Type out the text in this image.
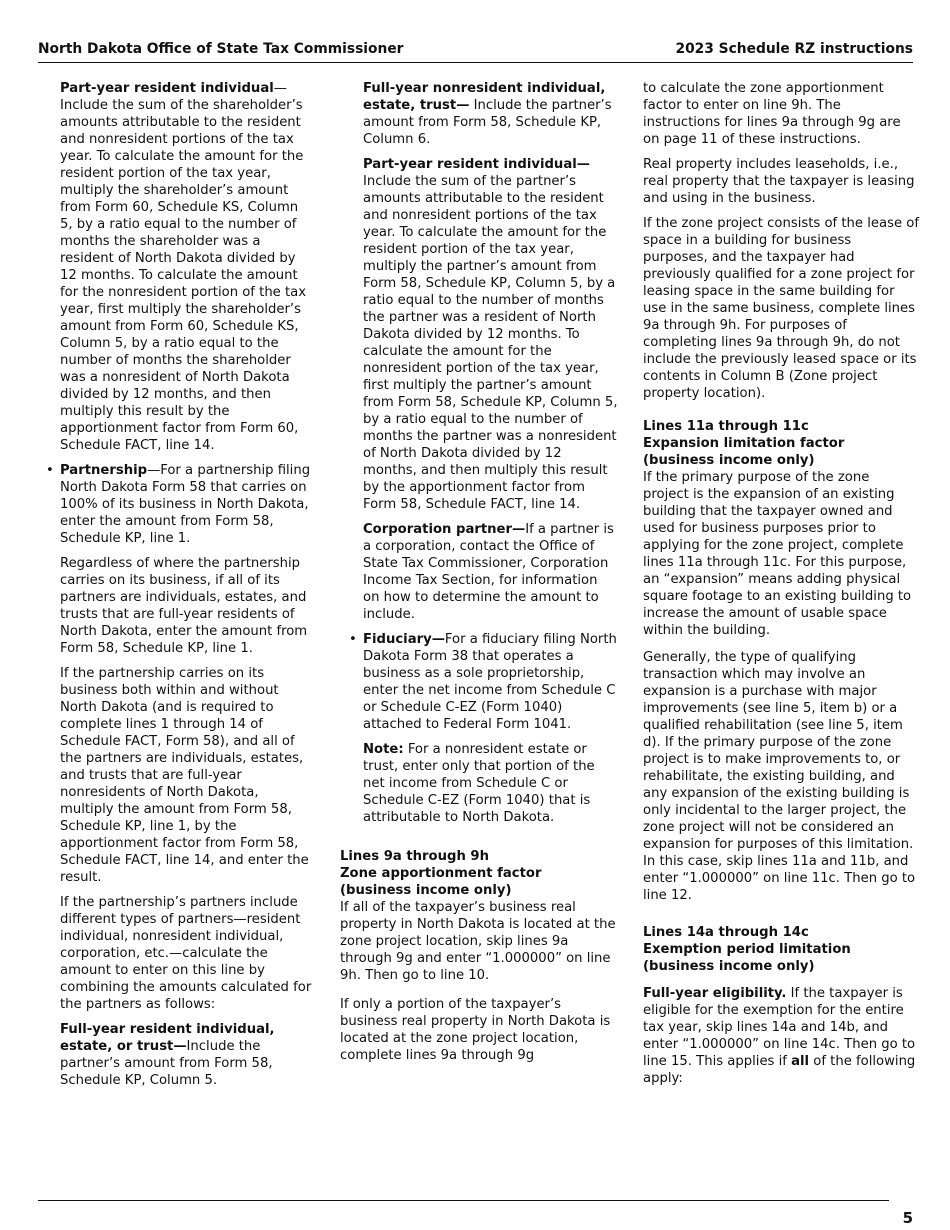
North Dakota Office of State Tax Commissioner	2023 Schedule RZ instructions

Part-year resident individual—Include the sum of the shareholder’s amounts attributable to the resident and nonresident portions of the tax year. To calculate the amount for the resident portion of the tax year, multiply the shareholder’s amount from Form 60, Schedule KS, Column 5, by a ratio equal to the number of months the shareholder was a resident of North Dakota divided by 12 months. To calculate the amount for the nonresident portion of the tax year, first multiply the shareholder’s amount from Form 60, Schedule KS, Column 5, by a ratio equal to the number of months the shareholder was a nonresident of North Dakota divided by 12 months, and then multiply this result by the apportionment factor from Form 60, Schedule FACT, line 14.

• Partnership—For a partnership filing North Dakota Form 58 that carries on 100% of its business in North Dakota, enter the amount from Form 58, Schedule KP, line 1.

Regardless of where the partnership carries on its business, if all of its partners are individuals, estates, and trusts that are full-year residents of North Dakota, enter the amount from Form 58, Schedule KP, line 1.

If the partnership carries on its business both within and without North Dakota (and is required to complete lines 1 through 14 of Schedule FACT, Form 58), and all of the partners are individuals, estates, and trusts that are full-year nonresidents of North Dakota, multiply the amount from Form 58, Schedule KP, line 1, by the apportionment factor from Form 58, Schedule FACT, line 14, and enter the result.

If the partnership’s partners include different types of partners—resident individual, nonresident individual, corporation, etc.—calculate the amount to enter on this line by combining the amounts calculated for the partners as follows:

Full-year resident individual, estate, or trust—Include the partner’s amount from Form 58, Schedule KP, Column 5.

Full-year nonresident individual, estate, trust— Include the partner’s amount from Form 58, Schedule KP, Column 6.

Part-year resident individual— Include the sum of the partner’s amounts attributable to the resident and nonresident portions of the tax year. To calculate the amount for the resident portion of the tax year, multiply the partner’s amount from Form 58, Schedule KP, Column 5, by a ratio equal to the number of months the partner was a resident of North Dakota divided by 12 months. To calculate the amount for the nonresident portion of the tax year, first multiply the partner’s amount from Form 58, Schedule KP, Column 5, by a ratio equal to the number of months the partner was a nonresident of North Dakota divided by 12 months, and then multiply this result by the apportionment factor from Form 58, Schedule FACT, line 14.

Corporation partner—If a partner is a corporation, contact the Office of State Tax Commissioner, Corporation Income Tax Section, for information on how to determine the amount to include.

• Fiduciary—For a fiduciary filing North Dakota Form 38 that operates a business as a sole proprietorship, enter the net income from Schedule C or Schedule C-EZ (Form 1040) attached to Federal Form 1041.

Note: For a nonresident estate or trust, enter only that portion of the net income from Schedule C or Schedule C-EZ (Form 1040) that is attributable to North Dakota.

Lines 9a through 9h
Zone apportionment factor
(business income only)

If all of the taxpayer’s business real property in North Dakota is located at the zone project location, skip lines 9a through 9g and enter “1.000000” on line 9h. Then go to line 10.

If only a portion of the taxpayer’s business real property in North Dakota is located at the zone project location, complete lines 9a through 9g

to calculate the zone apportionment factor to enter on line 9h. The instructions for lines 9a through 9g are on page 11 of these instructions.

Real property includes leaseholds, i.e., real property that the taxpayer is leasing and using in the business.

If the zone project consists of the lease of space in a building for business purposes, and the taxpayer had previously qualified for a zone project for leasing space in the same building for use in the same business, complete lines 9a through 9h. For purposes of completing lines 9a through 9h, do not include the previously leased space or its contents in Column B (Zone project property location).

Lines 11a through 11c
Expansion limitation factor
(business income only)

If the primary purpose of the zone project is the expansion of an existing building that the taxpayer owned and used for business purposes prior to applying for the zone project, complete lines 11a through 11c. For this purpose, an “expansion” means adding physical square footage to an existing building to increase the amount of usable space within the building.

Generally, the type of qualifying transaction which may involve an expansion is a purchase with major improvements (see line 5, item b) or a qualified rehabilitation (see line 5, item d). If the primary purpose of the zone project is to make improvements to, or rehabilitate, the existing building, and any expansion of the existing building is only incidental to the larger project, the zone project will not be considered an expansion for purposes of this limitation. In this case, skip lines 11a and 11b, and enter “1.000000” on line 11c. Then go to line 12.

Lines 14a through 14c
Exemption period limitation
(business income only)

Full-year eligibility. If the taxpayer is eligible for the exemption for the entire tax year, skip lines 14a and 14b, and enter “1.000000” on line 14c. Then go to line 15. This applies if all of the following apply:

5
